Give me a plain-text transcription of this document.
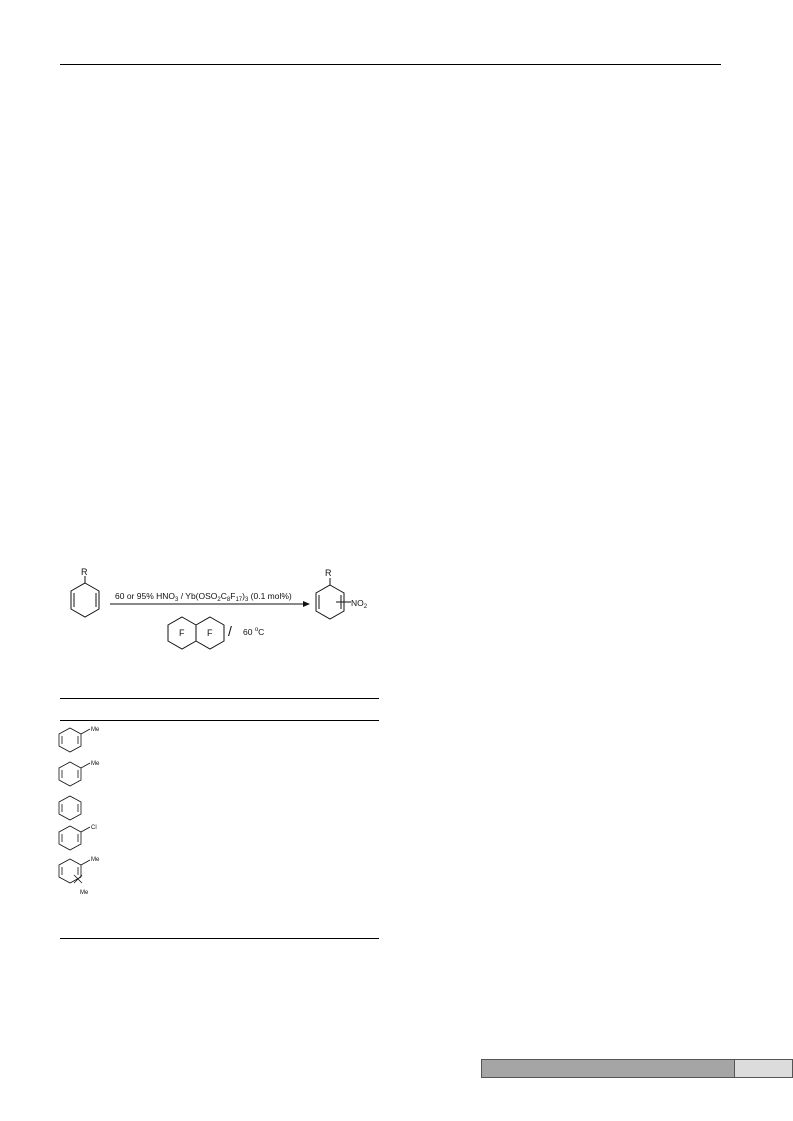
R
60 or 95% $HNO_3 / Yb(OSO_2C_8F_{17})_3$ (0.1 mol%)
F	F / 60 $^o$C
R
$NO_2$
Me
Me
Cl
Me
Me
